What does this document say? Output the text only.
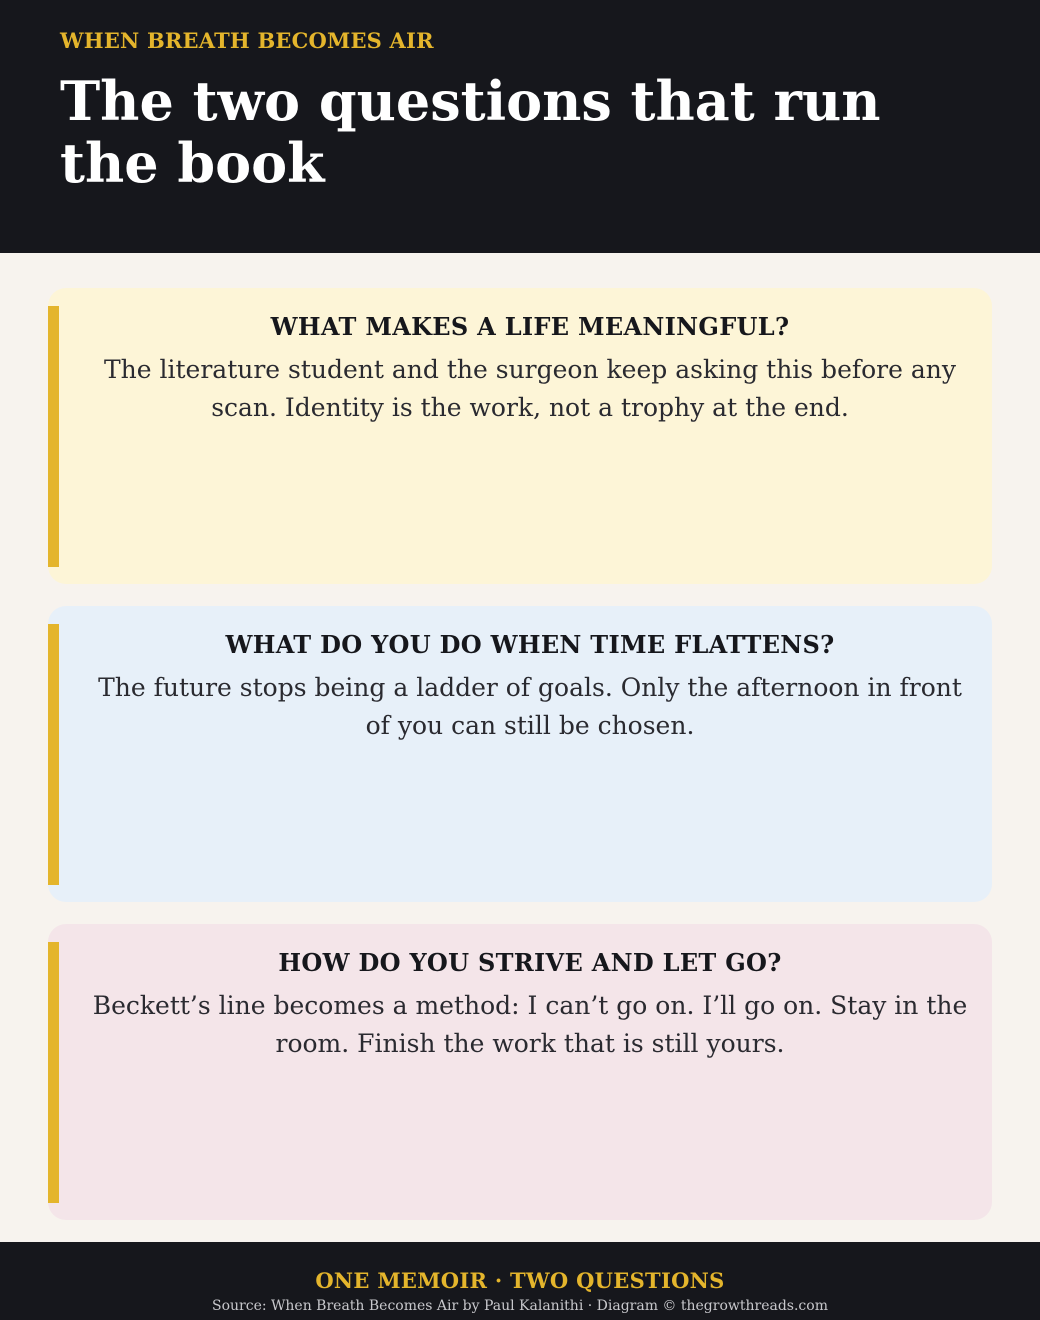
WHEN BREATH BECOMES AIR
The two questions that run the book
WHAT MAKES A LIFE MEANINGFUL?
The literature student and the surgeon keep asking this before any scan. Identity is the work, not a trophy at the end.
WHAT DO YOU DO WHEN TIME FLATTENS?
The future stops being a ladder of goals. Only the afternoon in front of you can still be chosen.
HOW DO YOU STRIVE AND LET GO?
Beckett’s line becomes a method: I can’t go on. I’ll go on. Stay in the room. Finish the work that is still yours.
ONE MEMOIR · TWO QUESTIONS
Source: When Breath Becomes Air by Paul Kalanithi · Diagram © thegrowthreads.com
